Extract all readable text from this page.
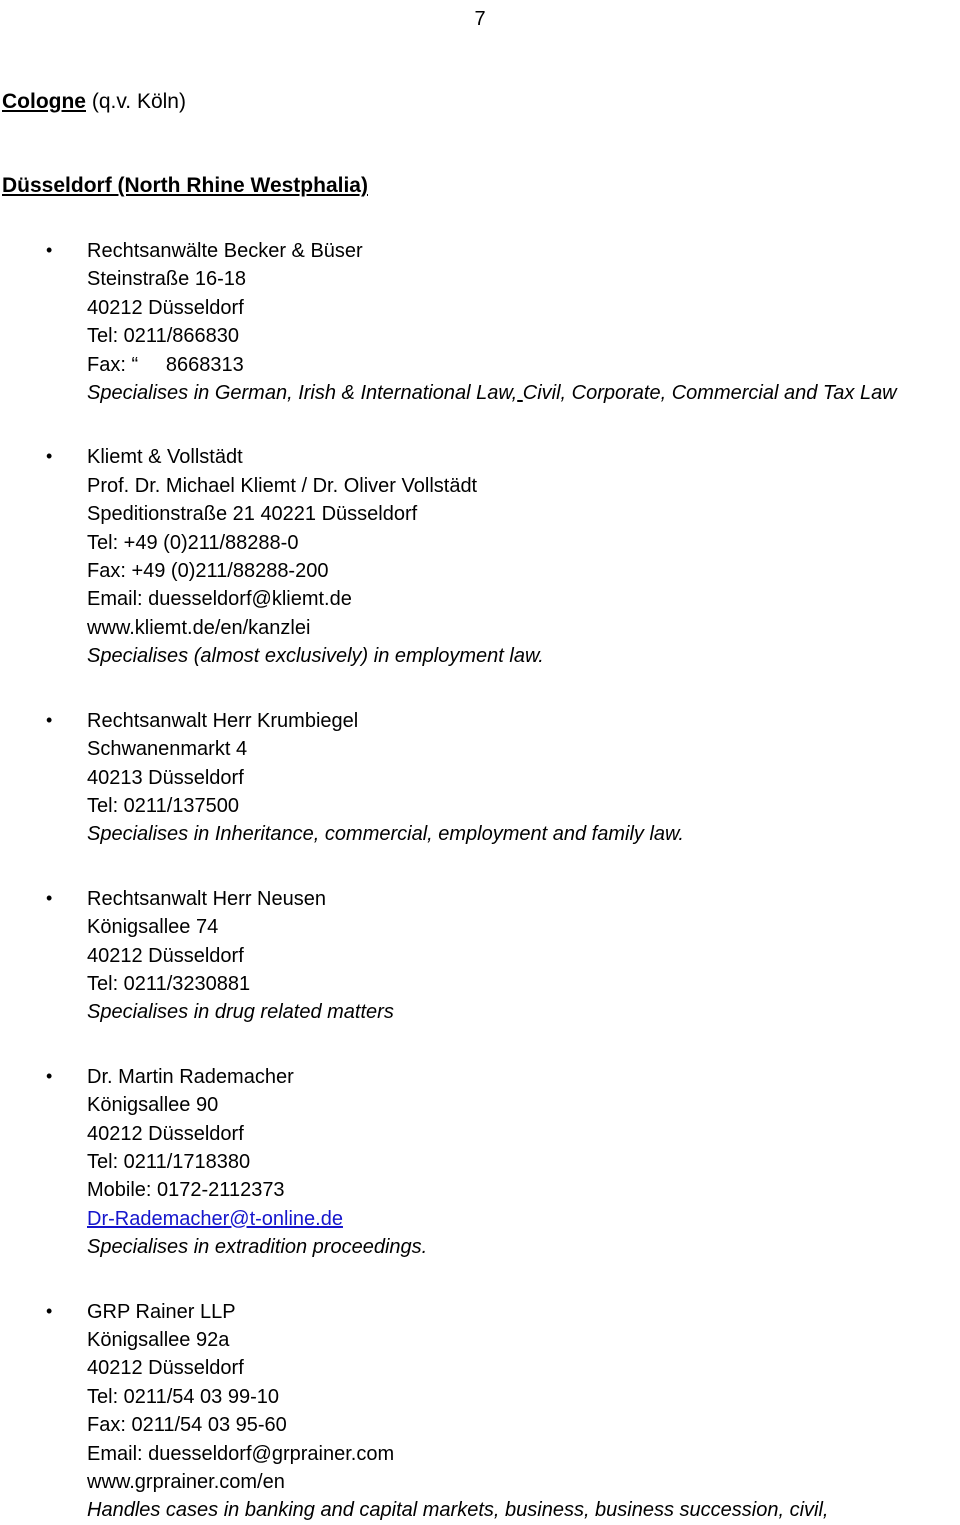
7
Cologne (q.v. Köln)
Düsseldorf (North Rhine Westphalia)
• Rechtsanwälte Becker & Büser
Steinstraße 16-18
40212 Düsseldorf
Tel: 0211/866830
Fax: “     8668313
Specialises in German, Irish & International Law, Civil, Corporate, Commercial and Tax Law
• Kliemt & Vollstädt
Prof. Dr. Michael Kliemt / Dr. Oliver Vollstädt
Speditionstraße 21 40221 Düsseldorf
Tel: +49 (0)211/88288-0
Fax: +49 (0)211/88288-200
Email: duesseldorf@kliemt.de
www.kliemt.de/en/kanzlei
Specialises (almost exclusively) in employment law.
• Rechtsanwalt Herr Krumbiegel
Schwanenmarkt 4
40213 Düsseldorf
Tel: 0211/137500
Specialises in Inheritance, commercial, employment and family law.
• Rechtsanwalt Herr Neusen
Königsallee 74
40212 Düsseldorf
Tel: 0211/3230881
Specialises in drug related matters
• Dr. Martin Rademacher
Königsallee 90
40212 Düsseldorf
Tel: 0211/1718380
Mobile: 0172-2112373
Dr-Rademacher@t-online.de
Specialises in extradition proceedings.
• GRP Rainer LLP
Königsallee 92a
40212 Düsseldorf
Tel: 0211/54 03 99-10
Fax: 0211/54 03 95-60
Email: duesseldorf@grprainer.com
www.grprainer.com/en
Handles cases in banking and capital markets, business, business succession, civil,
